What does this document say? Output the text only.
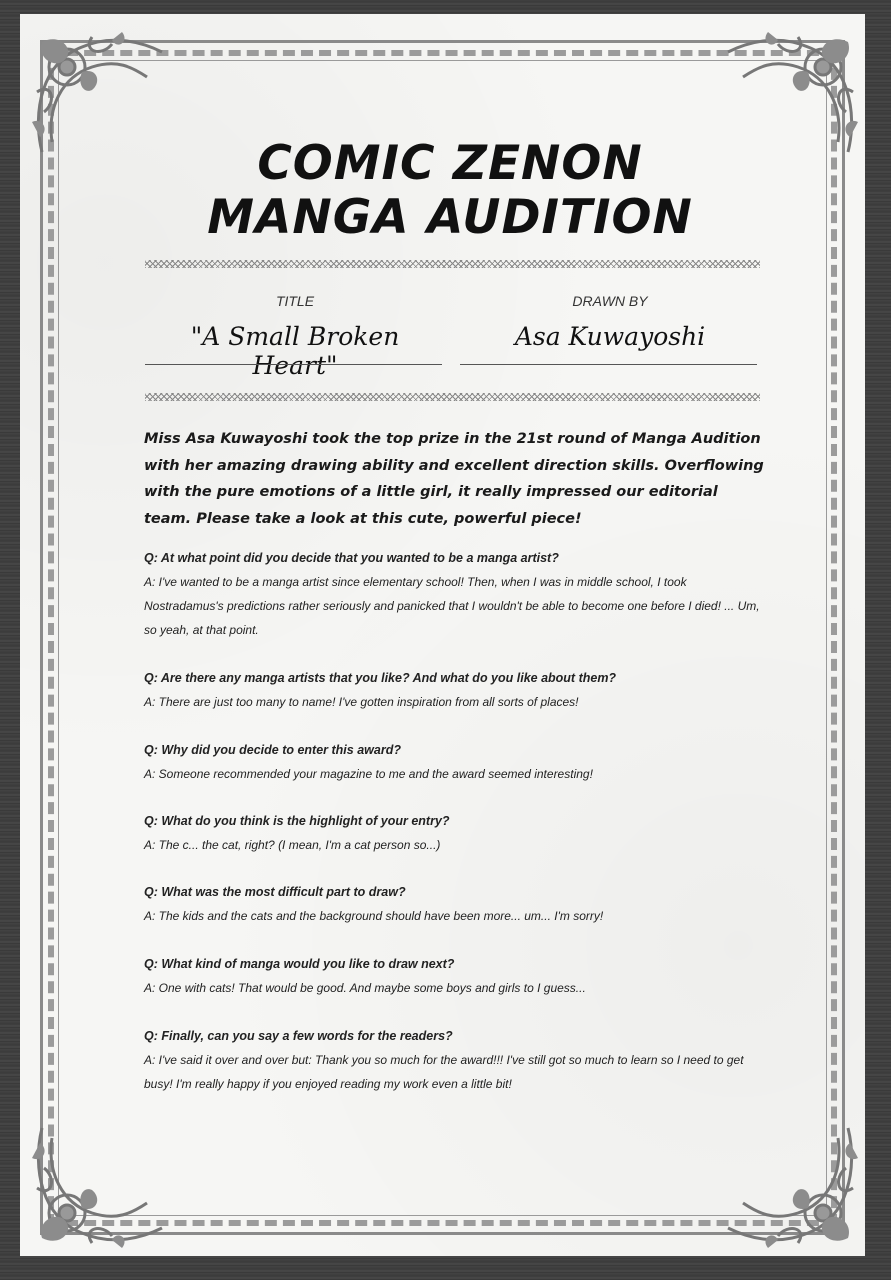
COMIC ZENON
MANGA AUDITION
TITLE	DRAWN BY
"A Small Broken Heart"
Asa Kuwayoshi
Miss Asa Kuwayoshi took the top prize in the 21st round of Manga Audition with her amazing drawing ability and excellent direction skills. Overflowing with the pure emotions of a little girl, it really impressed our editorial team. Please take a look at this cute, powerful piece!
Q: At what point did you decide that you wanted to be a manga artist?
A: I've wanted to be a manga artist since elementary school! Then, when I was in middle school, I took Nostradamus's predictions rather seriously and panicked that I wouldn't be able to become one before I died! ... Um, so yeah, at that point.
Q: Are there any manga artists that you like? And what do you like about them?
A: There are just too many to name! I've gotten inspiration from all sorts of places!
Q: Why did you decide to enter this award?
A: Someone recommended your magazine to me and the award seemed interesting!
Q: What do you think is the highlight of your entry?
A: The c... the cat, right? (I mean, I'm a cat person so...)
Q: What was the most difficult part to draw?
A: The kids and the cats and the background should have been more... um... I'm sorry!
Q: What kind of manga would you like to draw next?
A: One with cats! That would be good. And maybe some boys and girls to I guess...
Q: Finally, can you say a few words for the readers?
A: I've said it over and over but: Thank you so much for the award!!! I've still got so much to learn so I need to get busy! I'm really happy if you enjoyed reading my work even a little bit!
